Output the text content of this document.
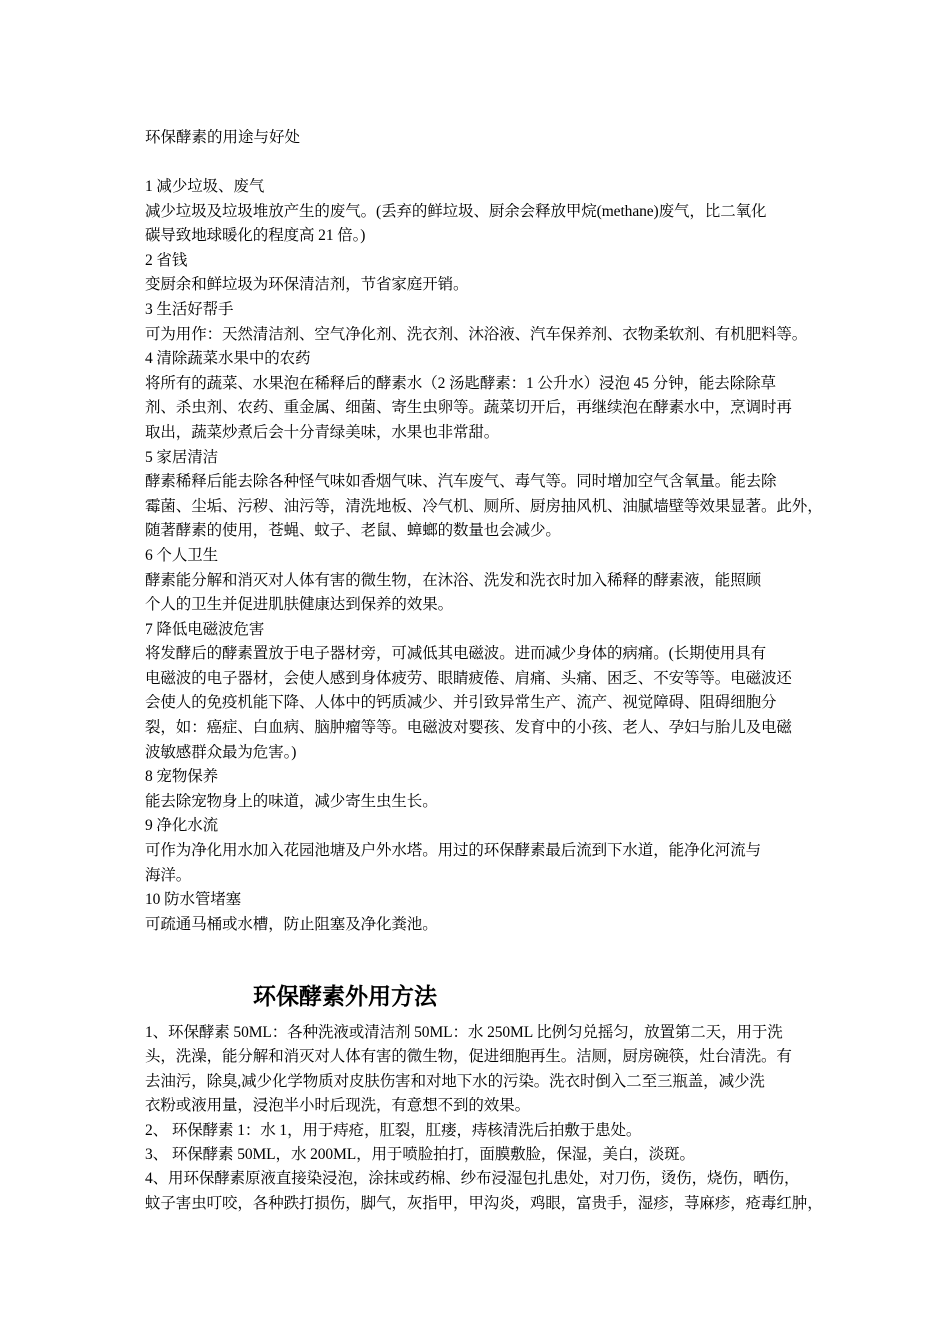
环保酵素的用途与好处
1 减少垃圾、废气
减少垃圾及垃圾堆放产生的废气。(丢弃的鲜垃圾、厨余会释放甲烷(methane)废气，比二氧化
碳导致地球暖化的程度高 21 倍。)
2 省钱
变厨余和鲜垃圾为环保清洁剂，节省家庭开销。
3 生活好帮手
可为用作：天然清洁剂、空气净化剂、洗衣剂、沐浴液、汽车保养剂、衣物柔软剂、有机肥料等。
4 清除蔬菜水果中的农药
将所有的蔬菜、水果泡在稀释后的酵素水（2 汤匙酵素：1 公升水）浸泡 45 分钟，能去除除草
剂、杀虫剂、农药、重金属、细菌、寄生虫卵等。蔬菜切开后，再继续泡在酵素水中，烹调时再
取出，蔬菜炒煮后会十分青绿美味，水果也非常甜。
5 家居清洁
酵素稀释后能去除各种怪气味如香烟气味、汽车废气、毒气等。同时增加空气含氧量。能去除
霉菌、尘垢、污秽、油污等，清洗地板、冷气机、厕所、厨房抽风机、油腻墙壁等效果显著。此外，
随著酵素的使用，苍蝇、蚊子、老鼠、蟑螂的数量也会减少。
6 个人卫生
酵素能分解和消灭对人体有害的微生物，在沐浴、洗发和洗衣时加入稀释的酵素液，能照顾
个人的卫生并促进肌肤健康达到保养的效果。
7 降低电磁波危害
将发酵后的酵素置放于电子器材旁，可减低其电磁波。进而减少身体的病痛。(长期使用具有
电磁波的电子器材，会使人感到身体疲劳、眼睛疲倦、肩痛、头痛、困乏、不安等等。电磁波还
会使人的免疫机能下降、人体中的钙质减少、并引致异常生产、流产、视觉障碍、阻碍细胞分
裂，如：癌症、白血病、脑肿瘤等等。电磁波对婴孩、发育中的小孩、老人、孕妇与胎儿及电磁
波敏感群众最为危害。)
8 宠物保养
能去除宠物身上的味道，减少寄生虫生长。
9 净化水流
可作为净化用水加入花园池塘及户外水塔。用过的环保酵素最后流到下水道，能净化河流与
海洋。
10 防水管堵塞
可疏通马桶或水槽，防止阻塞及净化粪池。
环保酵素外用方法
1、环保酵素 50ML：各种洗液或清洁剂 50ML：水 250ML 比例匀兑摇匀，放置第二天，用于洗
头，洗澡，能分解和消灭对人体有害的微生物，促进细胞再生。洁厕，厨房碗筷，灶台清洗。有
去油污，除臭,减少化学物质对皮肤伤害和对地下水的污染。洗衣时倒入二至三瓶盖，减少洗
衣粉或液用量，浸泡半小时后现洗，有意想不到的效果。
2、 环保酵素 1：水 1，用于痔疮，肛裂，肛瘘，痔核清洗后拍敷于患处。
3、 环保酵素 50ML，水 200ML，用于喷脸拍打，面膜敷脸，保湿，美白，淡斑。
4、用环保酵素原液直接染浸泡，涂抹或药棉、纱布浸湿包扎患处，对刀伤，烫伤，烧伤，晒伤，
蚊子害虫叮咬，各种跌打损伤，脚气，灰指甲，甲沟炎，鸡眼，富贵手，湿疹，荨麻疹，疮毒红肿，
